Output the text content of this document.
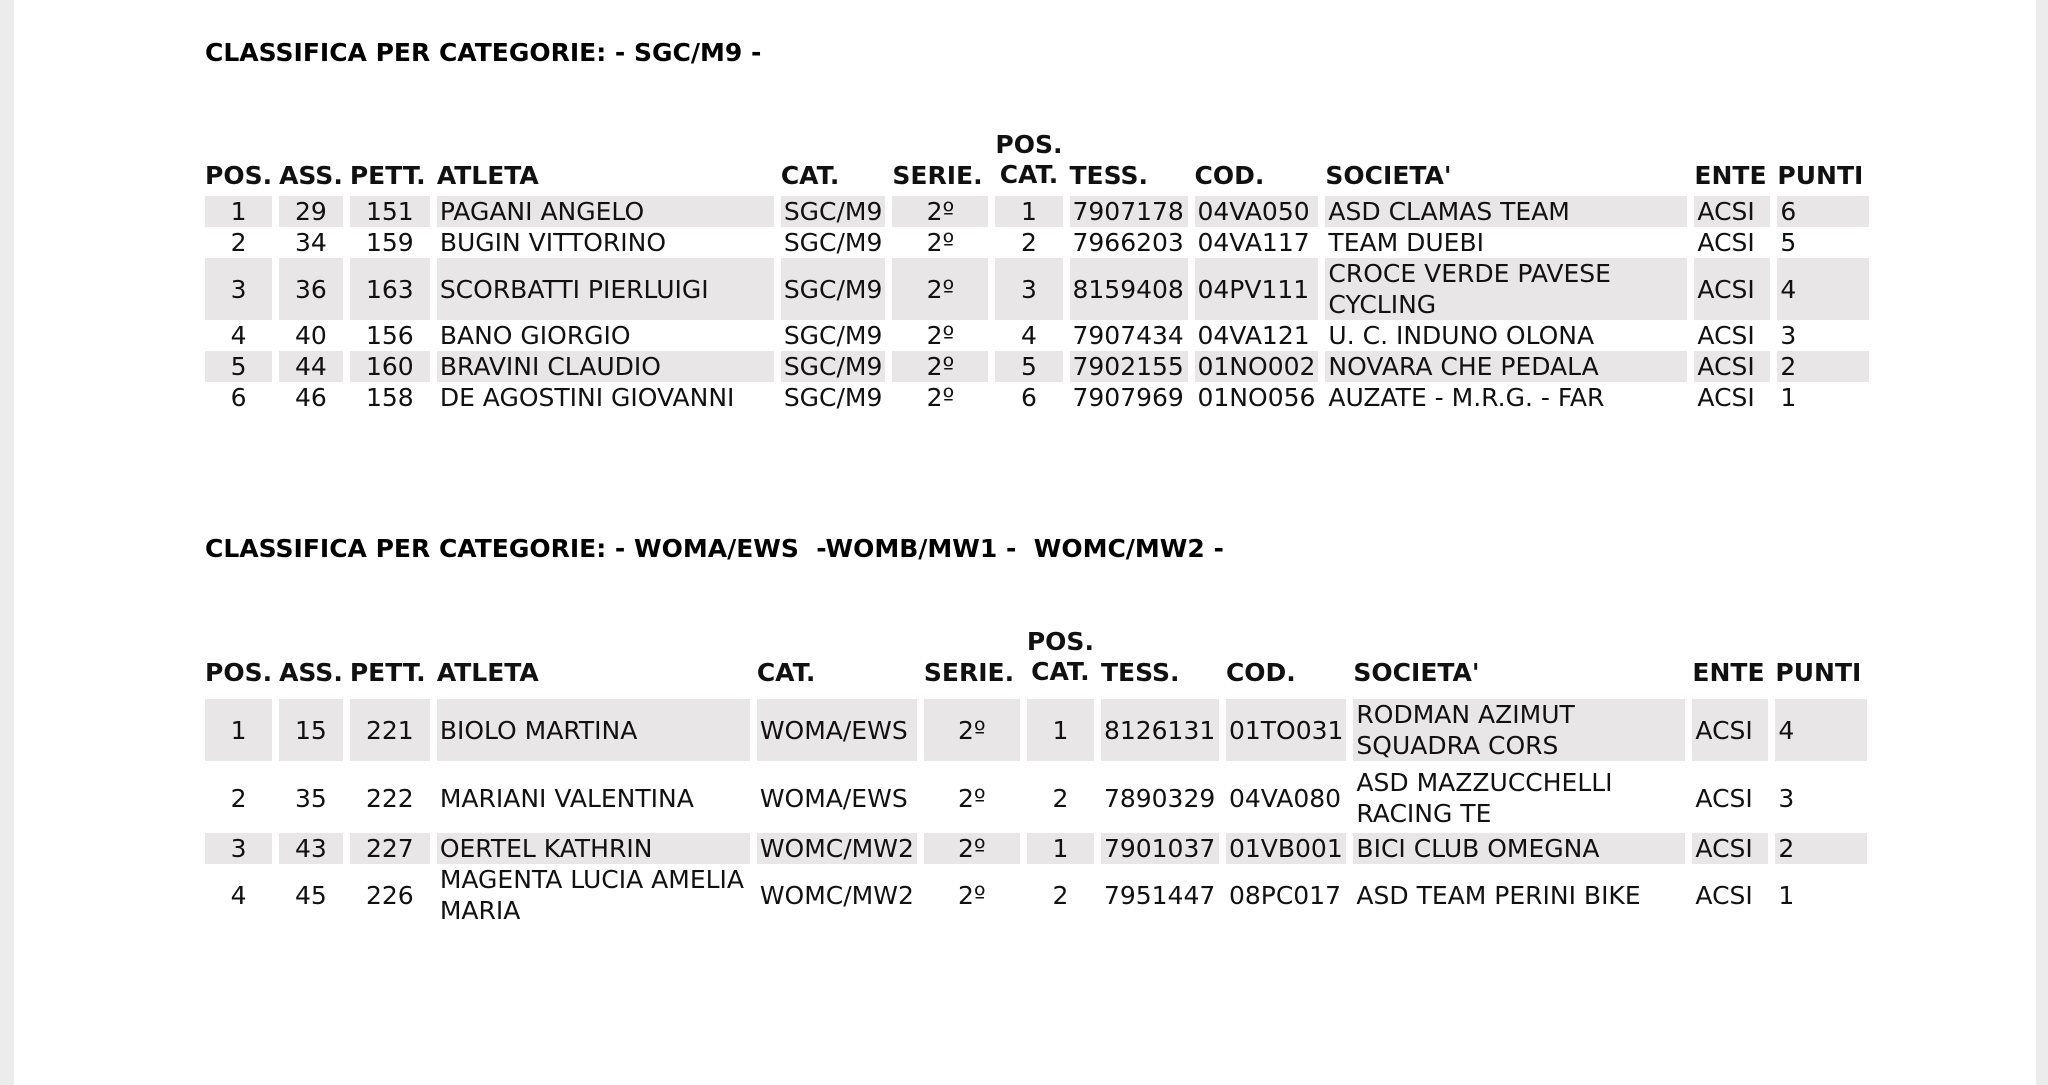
CLASSIFICA PER CATEGORIE: - SGC/M9 -
POS.	ASS.	PETT.	ATLETA	CAT.	SERIE.	POS.
CAT.	TESS.	COD.	SOCIETA'	ENTE	PUNTI

1	29	151	PAGANI ANGELO	SGC/M9	2º	1	7907178	04VA050	ASD CLAMAS TEAM	ACSI	6
2	34	159	BUGIN VITTORINO	SGC/M9	2º	2	7966203	04VA117	TEAM DUEBI	ACSI	5
3	36	163	SCORBATTI PIERLUIGI	SGC/M9	2º	3	8159408	04PV111	CROCE VERDE PAVESE CYCLING	ACSI	4
4	40	156	BANO GIORGIO	SGC/M9	2º	4	7907434	04VA121	U. C. INDUNO OLONA	ACSI	3
5	44	160	BRAVINI CLAUDIO	SGC/M9	2º	5	7902155	01NO002	NOVARA CHE PEDALA	ACSI	2
6	46	158	DE AGOSTINI GIOVANNI	SGC/M9	2º	6	7907969	01NO056	AUZATE - M.R.G. - FAR	ACSI	1
CLASSIFICA PER CATEGORIE: - WOMA/EWS  -WOMB/MW1 -  WOMC/MW2 -
POS.	ASS.	PETT.	ATLETA	CAT.	SERIE.	POS.
CAT.	TESS.	COD.	SOCIETA'	ENTE	PUNTI

1	15	221	BIOLO MARTINA	WOMA/EWS	2º	1	8126131	01TO031	RODMAN AZIMUT SQUADRA CORS	ACSI	4

2	35	222	MARIANI VALENTINA	WOMA/EWS	2º	2	7890329	04VA080	ASD MAZZUCCHELLI RACING TE	ACSI	3

3	43	227	OERTEL KATHRIN	WOMC/MW2	2º	1	7901037	01VB001	BICI CLUB OMEGNA	ACSI	2
4	45	226	MAGENTA LUCIA AMELIA MARIA	WOMC/MW2	2º	2	7951447	08PC017	ASD TEAM PERINI BIKE	ACSI	1
